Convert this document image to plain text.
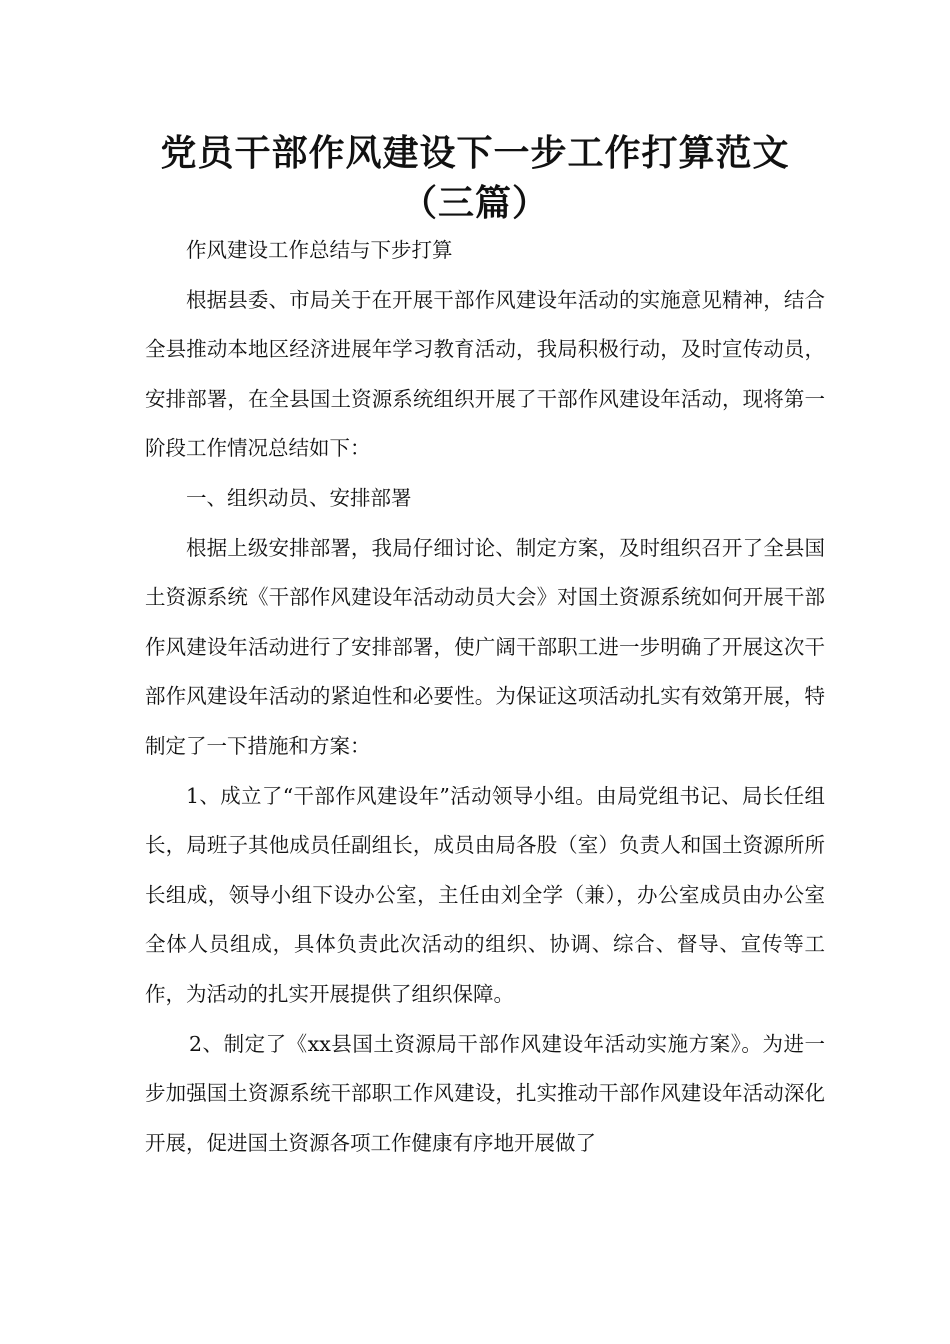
党员干部作风建设下一步工作打算范文
（三篇）

作风建设工作总结与下步打算

根据县委、市局关于在开展干部作风建设年活动的实施意见精神，结合全县推动本地区经济进展年学习教育活动，我局积极行动，及时宣传动员，安排部署，在全县国土资源系统组织开展了干部作风建设年活动，现将第一阶段工作情况总结如下：

一、组织动员、安排部署

根据上级安排部署，我局仔细讨论、制定方案，及时组织召开了全县国土资源系统《干部作风建设年活动动员大会》对国土资源系统如何开展干部作风建设年活动进行了安排部署，使广阔干部职工进一步明确了开展这次干部作风建设年活动的紧迫性和必要性。为保证这项活动扎实有效第开展，特制定了一下措施和方案：

1、成立了“干部作风建设年”活动领导小组。由局党组书记、局长任组长，局班子其他成员任副组长，成员由局各股（室）负责人和国土资源所所长组成，领导小组下设办公室，主任由刘全学（兼），办公室成员由办公室全体人员组成，具体负责此次活动的组织、协调、综合、督导、宣传等工作，为活动的扎实开展提供了组织保障。

2、制定了《xx县国土资源局干部作风建设年活动实施方案》。为进一步加强国土资源系统干部职工作风建设，扎实推动干部作风建设年活动深化开展，促进国土资源各项工作健康有序地开展做了
